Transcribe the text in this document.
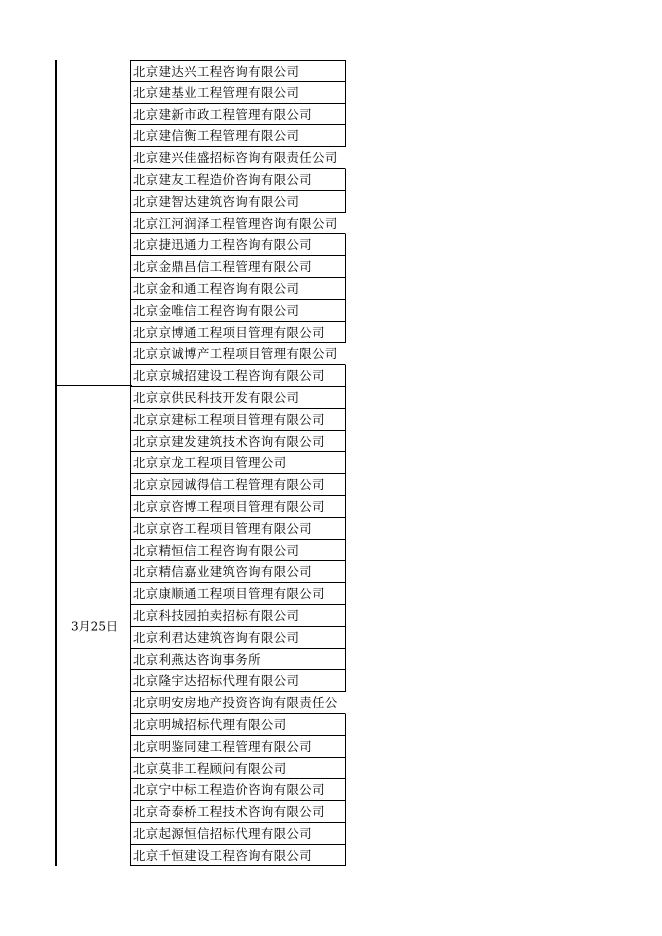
3月25日
北京建达兴工程咨询有限公司
北京建基业工程管理有限公司
北京建新市政工程管理有限公司
北京建信衡工程管理有限公司
北京建兴佳盛招标咨询有限责任公司
北京建友工程造价咨询有限公司
北京建智达建筑咨询有限公司
北京江河润泽工程管理咨询有限公司
北京捷迅通力工程咨询有限公司
北京金鼎昌信工程管理有限公司
北京金和通工程咨询有限公司
北京金唯信工程咨询有限公司
北京京博通工程项目管理有限公司
北京京诚博产工程项目管理有限公司
北京京城招建设工程咨询有限公司
北京京供民科技开发有限公司
北京京建标工程项目管理有限公司
北京京建发建筑技术咨询有限公司
北京京龙工程项目管理公司
北京京园诚得信工程管理有限公司
北京京咨博工程项目管理有限公司
北京京咨工程项目管理有限公司
北京精恒信工程咨询有限公司
北京精信嘉业建筑咨询有限公司
北京康顺通工程项目管理有限公司
北京科技园拍卖招标有限公司
北京利君达建筑咨询有限公司
北京利燕达咨询事务所
北京隆宇达招标代理有限公司
北京明安房地产投资咨询有限责任公
北京明城招标代理有限公司
北京明鉴同建工程管理有限公司
北京莫非工程顾问有限公司
北京宁中标工程造价咨询有限公司
北京奇泰桥工程技术咨询有限公司
北京起源恒信招标代理有限公司
北京千恒建设工程咨询有限公司
